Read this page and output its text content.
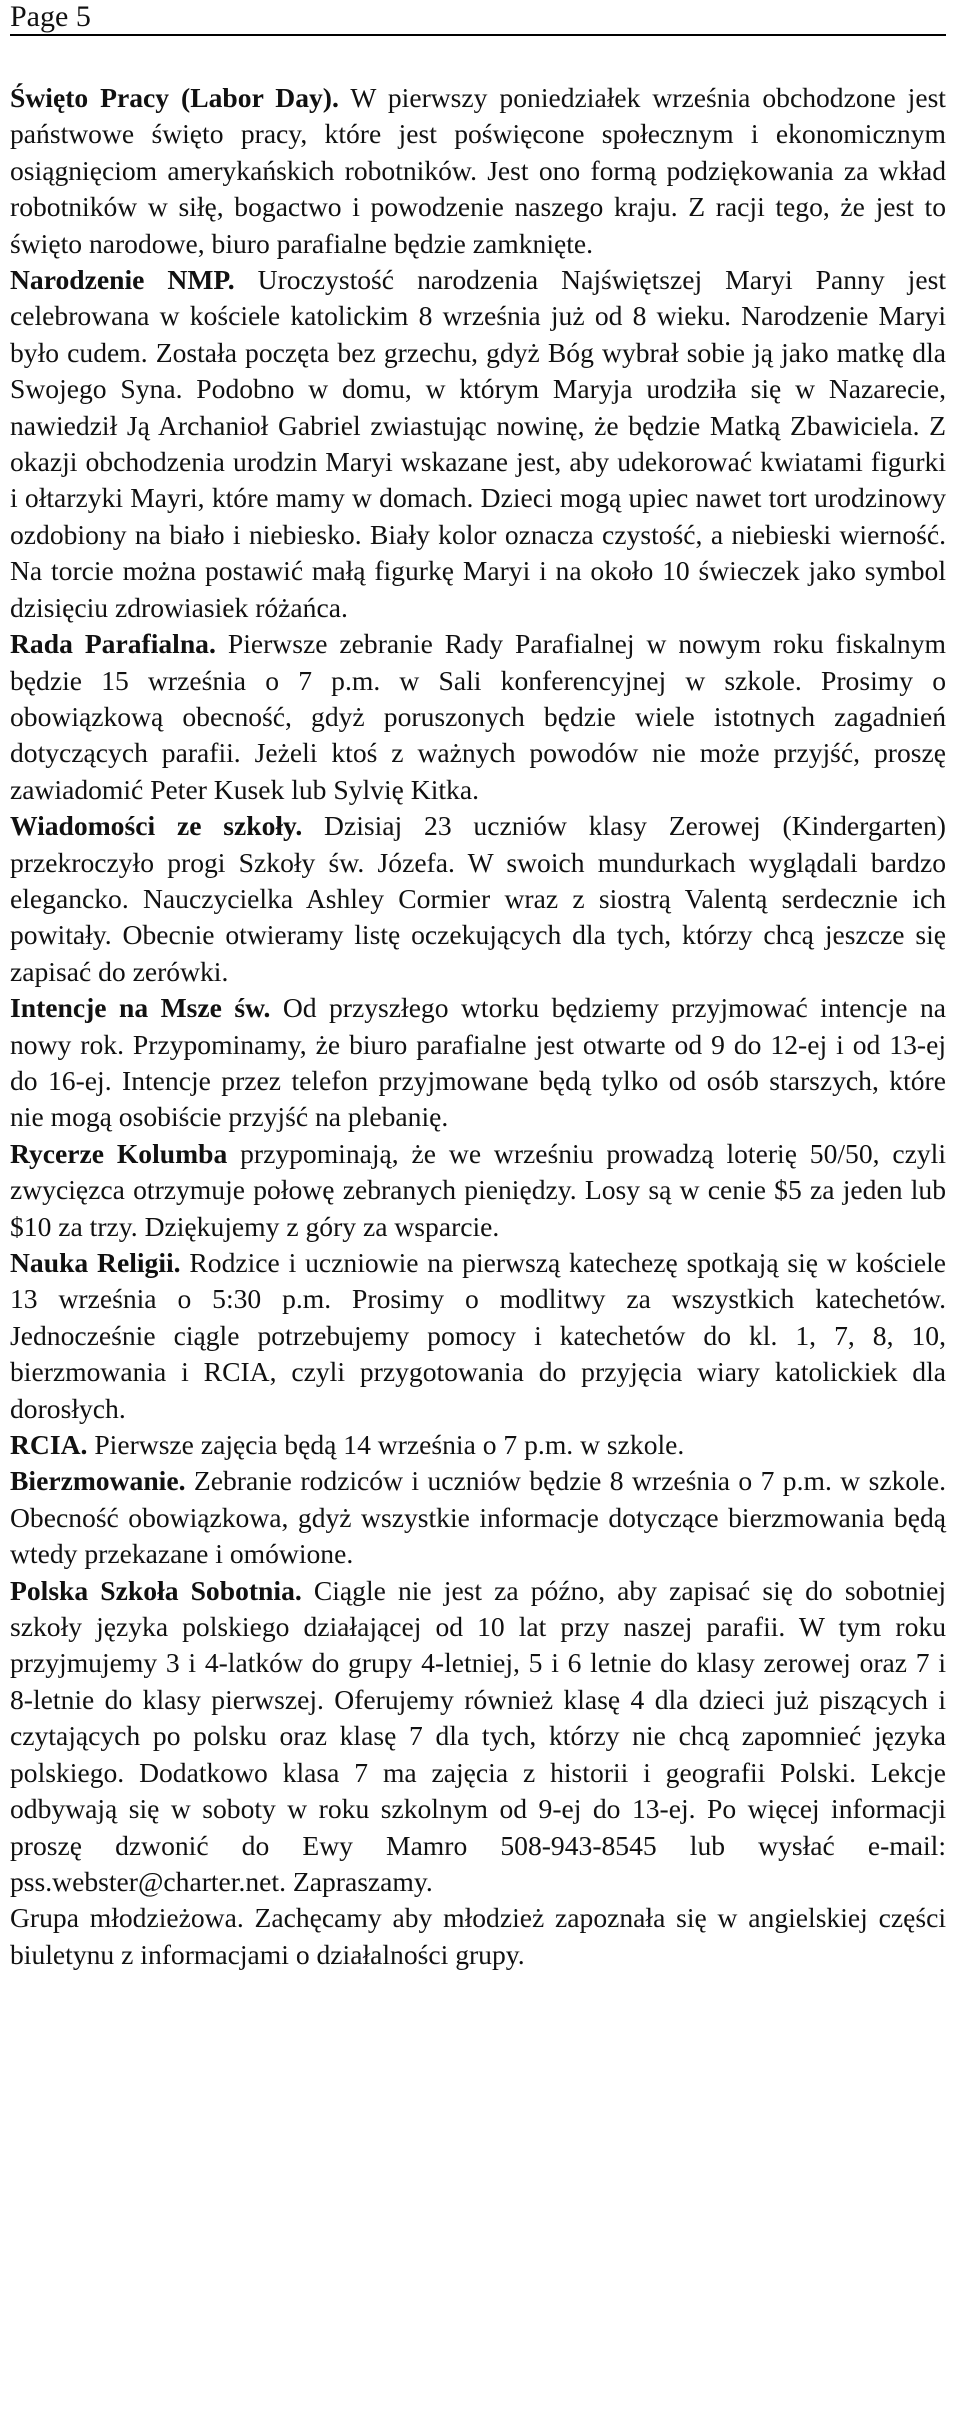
Page 5

Święto Pracy (Labor Day). W pierwszy poniedziałek września obchodzone jest państwowe święto pracy, które jest poświęcone społecznym i ekonomicznym osiągnięciom amerykańskich robotników. Jest ono formą podziękowania za wkład robotników w siłę, bogactwo i powodzenie naszego kraju. Z racji tego, że jest to święto narodowe, biuro parafialne będzie zamknięte.

Narodzenie NMP. Uroczystość narodzenia Najświętszej Maryi Panny jest celebrowana w kościele katolickim 8 września już od 8 wieku. Narodzenie Maryi było cudem. Została poczęta bez grzechu, gdyż Bóg wybrał sobie ją jako matkę dla Swojego Syna. Podobno w domu, w którym Maryja urodziła się w Nazarecie, nawiedził Ją Archanioł Gabriel zwiastując nowinę, że będzie Matką Zbawiciela. Z okazji obchodzenia urodzin Maryi wskazane jest, aby udekorować kwiatami figurki i ołtarzyki Mayri, które mamy w domach. Dzieci mogą upiec nawet tort urodzinowy ozdobiony na biało i niebiesko. Biały kolor oznacza czystość, a niebieski wierność. Na torcie można postawić małą figurkę Maryi i na około 10 świeczek jako symbol dzisięciu zdrowiasiek różańca.

Rada Parafialna. Pierwsze zebranie Rady Parafialnej w nowym roku fiskalnym będzie 15 września o 7 p.m. w Sali konferencyjnej w szkole. Prosimy o obowiązkową obecność, gdyż poruszonych będzie wiele istotnych zagadnień dotyczących parafii. Jeżeli ktoś z ważnych powodów nie może przyjść, proszę zawiadomić Peter Kusek lub Sylvię Kitka.

Wiadomości ze szkoły. Dzisiaj 23 uczniów klasy Zerowej (Kindergarten) przekroczyło progi Szkoły św. Józefa. W swoich mundurkach wyglądali bardzo elegancko. Nauczycielka Ashley Cormier wraz z siostrą Valentą serdecznie ich powitały. Obecnie otwieramy listę oczekujących dla tych, którzy chcą jeszcze się zapisać do zerówki.

Intencje na Msze św. Od przyszłego wtorku będziemy przyjmować intencje na nowy rok. Przypominamy, że biuro parafialne jest otwarte od 9 do 12-ej i od 13-ej do 16-ej. Intencje przez telefon przyjmowane będą tylko od osób starszych, które nie mogą osobiście przyjść na plebanię.

Rycerze Kolumba przypominają, że we wrześniu prowadzą loterię 50/50, czyli zwycięzca otrzymuje połowę zebranych pieniędzy. Losy są w cenie $5 za jeden lub $10 za trzy. Dziękujemy z góry za wsparcie.

Nauka Religii. Rodzice i uczniowie na pierwszą katechezę spotkają się w kościele 13 września o 5:30 p.m. Prosimy o modlitwy za wszystkich katechetów. Jednocześnie ciągle potrzebujemy pomocy i katechetów do kl. 1, 7, 8, 10, bierzmowania i RCIA, czyli przygotowania do przyjęcia wiary katolickiek dla dorosłych.

RCIA. Pierwsze zajęcia będą 14 września o 7 p.m. w szkole.

Bierzmowanie. Zebranie rodziców i uczniów będzie 8 września o 7 p.m. w szkole. Obecność obowiązkowa, gdyż wszystkie informacje dotyczące bierzmowania będą wtedy przekazane i omówione.

Polska Szkoła Sobotnia. Ciągle nie jest za późno, aby zapisać się do sobotniej szkoły języka polskiego działającej od 10 lat przy naszej parafii. W tym roku przyjmujemy 3 i 4-latków do grupy 4-letniej, 5 i 6 letnie do klasy zerowej oraz 7 i 8-letnie do klasy pierwszej. Oferujemy również klasę 4 dla dzieci już piszących i czytających po polsku oraz klasę 7 dla tych, którzy nie chcą zapomnieć języka polskiego. Dodatkowo klasa 7 ma zajęcia z historii i geografii Polski. Lekcje odbywają się w soboty w roku szkolnym od 9-ej do 13-ej. Po więcej informacji proszę dzwonić do Ewy Mamro 508-943-8545 lub wysłać e-mail: pss.webster@charter.net. Zapraszamy.

Grupa młodzieżowa. Zachęcamy aby młodzież zapoznała się w angielskiej części biuletynu z informacjami o działalności grupy.
